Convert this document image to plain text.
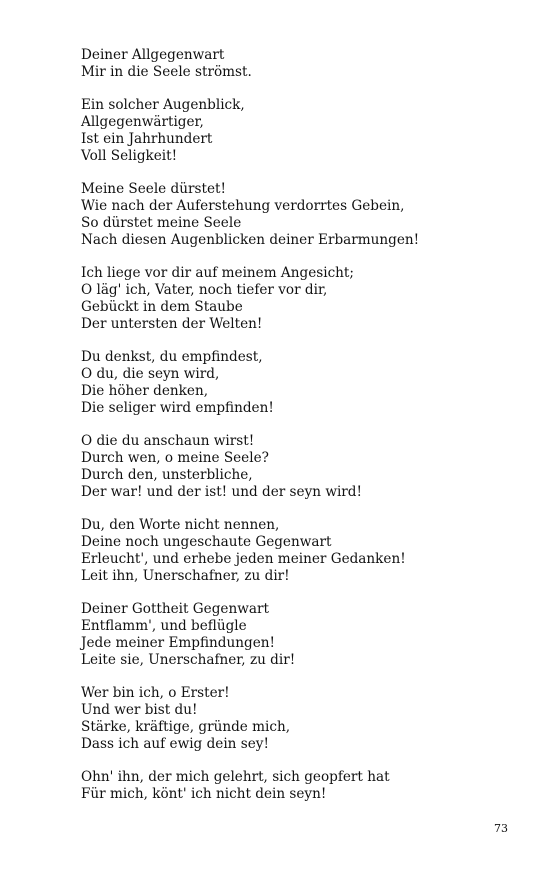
Deiner Allgegenwart
Mir in die Seele strömst.
Ein solcher Augenblick,
Allgegenwärtiger,
Ist ein Jahrhundert
Voll Seligkeit!
Meine Seele dürstet!
Wie nach der Auferstehung verdorrtes Gebein,
So dürstet meine Seele
Nach diesen Augenblicken deiner Erbarmungen!
Ich liege vor dir auf meinem Angesicht;
O läg' ich, Vater, noch tiefer vor dir,
Gebückt in dem Staube
Der untersten der Welten!
Du denkst, du empfindest,
O du, die seyn wird,
Die höher denken,
Die seliger wird empfinden!
O die du anschaun wirst!
Durch wen, o meine Seele?
Durch den, unsterbliche,
Der war! und der ist! und der seyn wird!
Du, den Worte nicht nennen,
Deine noch ungeschaute Gegenwart
Erleucht', und erhebe jeden meiner Gedanken!
Leit ihn, Unerschafner, zu dir!
Deiner Gottheit Gegenwart
Entflamm', und beflügle
Jede meiner Empfindungen!
Leite sie, Unerschafner, zu dir!
Wer bin ich, o Erster!
Und wer bist du!
Stärke, kräftige, gründe mich,
Dass ich auf ewig dein sey!
Ohn' ihn, der mich gelehrt, sich geopfert hat
Für mich, könt' ich nicht dein seyn!
73
